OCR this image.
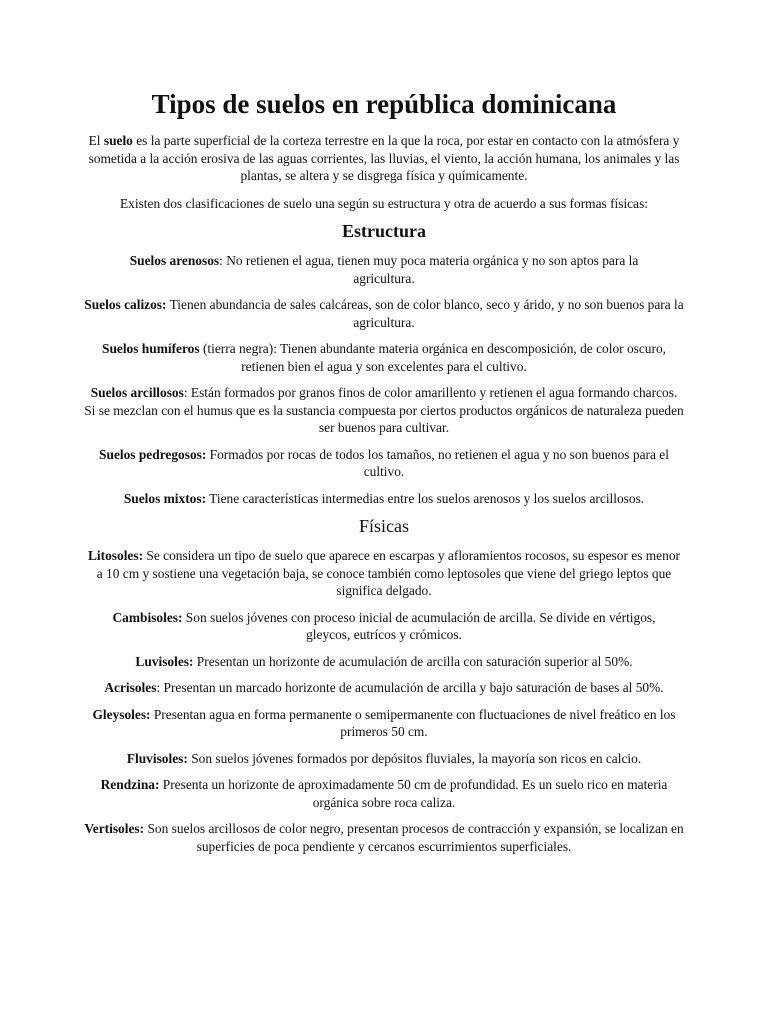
Tipos de suelos en república dominicana

El suelo es la parte superficial de la corteza terrestre en la que la roca, por estar en contacto con la atmósfera y sometida a la acción erosiva de las aguas corrientes, las lluvias, el viento, la acción humana, los animales y las plantas, se altera y se disgrega física y químicamente.

Existen dos clasificaciones de suelo una según su estructura y otra de acuerdo a sus formas físicas:

Estructura

Suelos arenosos: No retienen el agua, tienen muy poca materia orgánica y no son aptos para la agricultura.

Suelos calizos: Tienen abundancia de sales calcáreas, son de color blanco, seco y árido, y no son buenos para la agricultura.

Suelos humíferos (tierra negra): Tienen abundante materia orgánica en descomposición, de color oscuro, retienen bien el agua y son excelentes para el cultivo.

Suelos arcillosos: Están formados por granos finos de color amarillento y retienen el agua formando charcos. Si se mezclan con el humus que es la sustancia compuesta por ciertos productos orgánicos de naturaleza pueden ser buenos para cultivar.

Suelos pedregosos: Formados por rocas de todos los tamaños, no retienen el agua y no son buenos para el cultivo.

Suelos mixtos: Tiene características intermedias entre los suelos arenosos y los suelos arcillosos.

Físicas

Litosoles: Se considera un tipo de suelo que aparece en escarpas y afloramientos rocosos, su espesor es menor a 10 cm y sostiene una vegetación baja, se conoce también como leptosoles que viene del griego leptos que significa delgado.

Cambisoles: Son suelos jóvenes con proceso inicial de acumulación de arcilla. Se divide en vértigos, gleycos, eutrícos y crómicos.

Luvisoles: Presentan un horizonte de acumulación de arcilla con saturación superior al 50%.

Acrisoles: Presentan un marcado horizonte de acumulación de arcilla y bajo saturación de bases al 50%.

Gleysoles: Presentan agua en forma permanente o semipermanente con fluctuaciones de nivel freático en los primeros 50 cm.

Fluvisoles: Son suelos jóvenes formados por depósitos fluviales, la mayoría son ricos en calcio.

Rendzina: Presenta un horizonte de aproximadamente 50 cm de profundidad. Es un suelo rico en materia orgánica sobre roca caliza.

Vertisoles: Son suelos arcillosos de color negro, presentan procesos de contracción y expansión, se localizan en superficies de poca pendiente y cercanos escurrimientos superficiales.
